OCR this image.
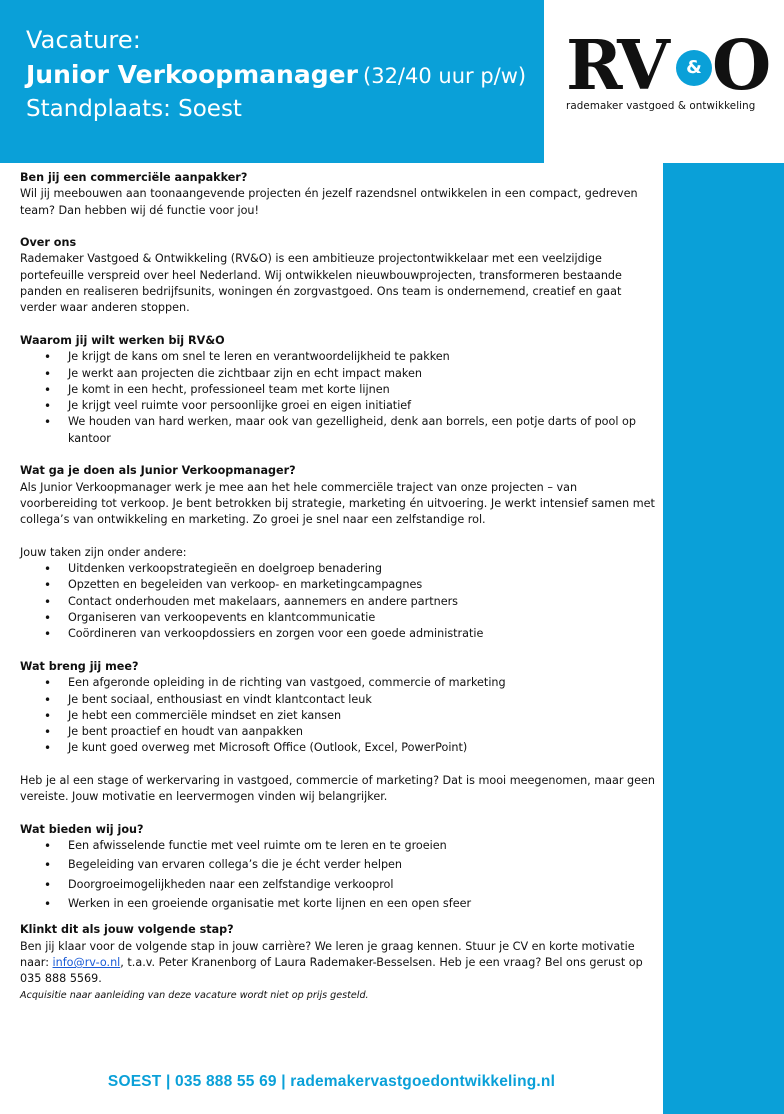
Vacature:
Junior Verkoopmanager (32/40 uur p/w)
Standplaats: Soest
RV	& O
rademaker vastgoed & ontwikkeling

Ben jij een commerciële aanpakker?

Wil jij meebouwen aan toonaangevende projecten én jezelf razendsnel ontwikkelen in een compact, gedreven team? Dan hebben wij dé functie voor jou!

Over ons

Rademaker Vastgoed & Ontwikkeling (RV&O) is een ambitieuze projectontwikkelaar met een veelzijdige portefeuille verspreid over heel Nederland. Wij ontwikkelen nieuwbouwprojecten, transformeren bestaande panden en realiseren bedrijfsunits, woningen én zorgvastgoed. Ons team is ondernemend, creatief en gaat verder waar anderen stoppen.

Waarom jij wilt werken bij RV&O

• Je krijgt de kans om snel te leren en verantwoordelijkheid te pakken
• Je werkt aan projecten die zichtbaar zijn en echt impact maken
• Je komt in een hecht, professioneel team met korte lijnen
• Je krijgt veel ruimte voor persoonlijke groei en eigen initiatief
• We houden van hard werken, maar ook van gezelligheid, denk aan borrels, een potje darts of pool op kantoor

Wat ga je doen als Junior Verkoopmanager?

Als Junior Verkoopmanager werk je mee aan het hele commerciële traject van onze projecten – van voorbereiding tot verkoop. Je bent betrokken bij strategie, marketing én uitvoering. Je werkt intensief samen met collega’s van ontwikkeling en marketing. Zo groei je snel naar een zelfstandige rol.

Jouw taken zijn onder andere:

• Uitdenken verkoopstrategieën en doelgroep benadering
• Opzetten en begeleiden van verkoop- en marketingcampagnes
• Contact onderhouden met makelaars, aannemers en andere partners
• Organiseren van verkoopevents en klantcommunicatie
• Coördineren van verkoopdossiers en zorgen voor een goede administratie

Wat breng jij mee?

• Een afgeronde opleiding in de richting van vastgoed, commercie of marketing
• Je bent sociaal, enthousiast en vindt klantcontact leuk
• Je hebt een commerciële mindset en ziet kansen
• Je bent proactief en houdt van aanpakken
• Je kunt goed overweg met Microsoft Office (Outlook, Excel, PowerPoint)

Heb je al een stage of werkervaring in vastgoed, commercie of marketing? Dat is mooi meegenomen, maar geen vereiste. Jouw motivatie en leervermogen vinden wij belangrijker.

Wat bieden wij jou?

• Een afwisselende functie met veel ruimte om te leren en te groeien
• Begeleiding van ervaren collega’s die je écht verder helpen
• Doorgroeimogelijkheden naar een zelfstandige verkooprol
• Werken in een groeiende organisatie met korte lijnen en een open sfeer

Klinkt dit als jouw volgende stap?

Ben jij klaar voor de volgende stap in jouw carrière? We leren je graag kennen. Stuur je CV en korte motivatie naar: info@rv-o.nl, t.a.v. Peter Kranenborg of Laura Rademaker-Besselsen. Heb je een vraag? Bel ons gerust op 035 888 5569.

Acquisitie naar aanleiding van deze vacature wordt niet op prijs gesteld.

SOEST | 035 888 55 69 | rademakervastgoedontwikkeling.nl
